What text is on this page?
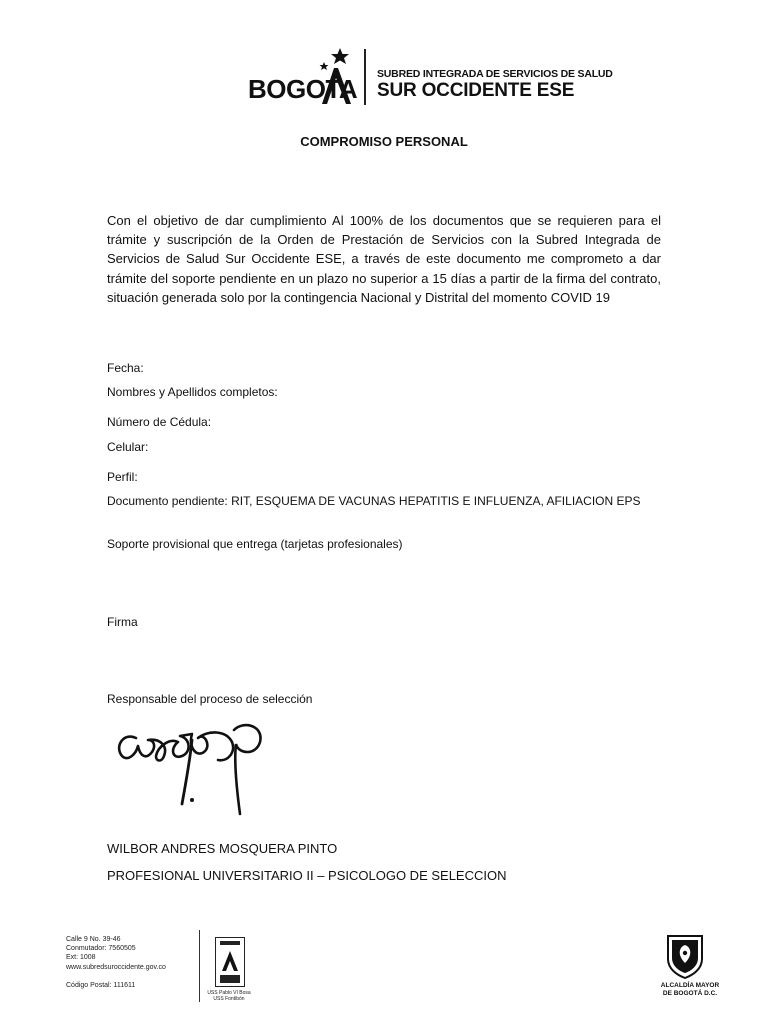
BOGOTA SUBRED INTEGRADA DE SERVICIOS DE SALUD
SUR OCCIDENTE ESE
COMPROMISO PERSONAL
Con el objetivo de dar cumplimiento Al 100% de los documentos que se requieren para el trámite y suscripción de la Orden de Prestación de Servicios con la Subred Integrada de Servicios de Salud Sur Occidente ESE, a través de este documento me comprometo a dar trámite del soporte pendiente en un plazo no superior a 15 días a partir de la firma del contrato, situación generada solo por la contingencia Nacional y Distrital del momento COVID 19
Fecha:
Nombres y Apellidos completos:
Número de Cédula:
Celular:
Perfil:
Documento pendiente: RIT, ESQUEMA DE VACUNAS HEPATITIS E INFLUENZA, AFILIACION EPS
Soporte provisional que entrega (tarjetas profesionales)
Firma
Responsable del proceso de selección
WILBOR ANDRES MOSQUERA PINTO
PROFESIONAL UNIVERSITARIO II – PSICOLOGO DE SELECCION
Calle 9 No. 39-46
Conmutador: 7560505
Ext: 1008
www.subredsuroccidente.gov.co
Código Postal: 111611
USS Pablo VI Bosa
USS Fontibón
ALCALDÍA MAYOR
DE BOGOTÁ D.C.
